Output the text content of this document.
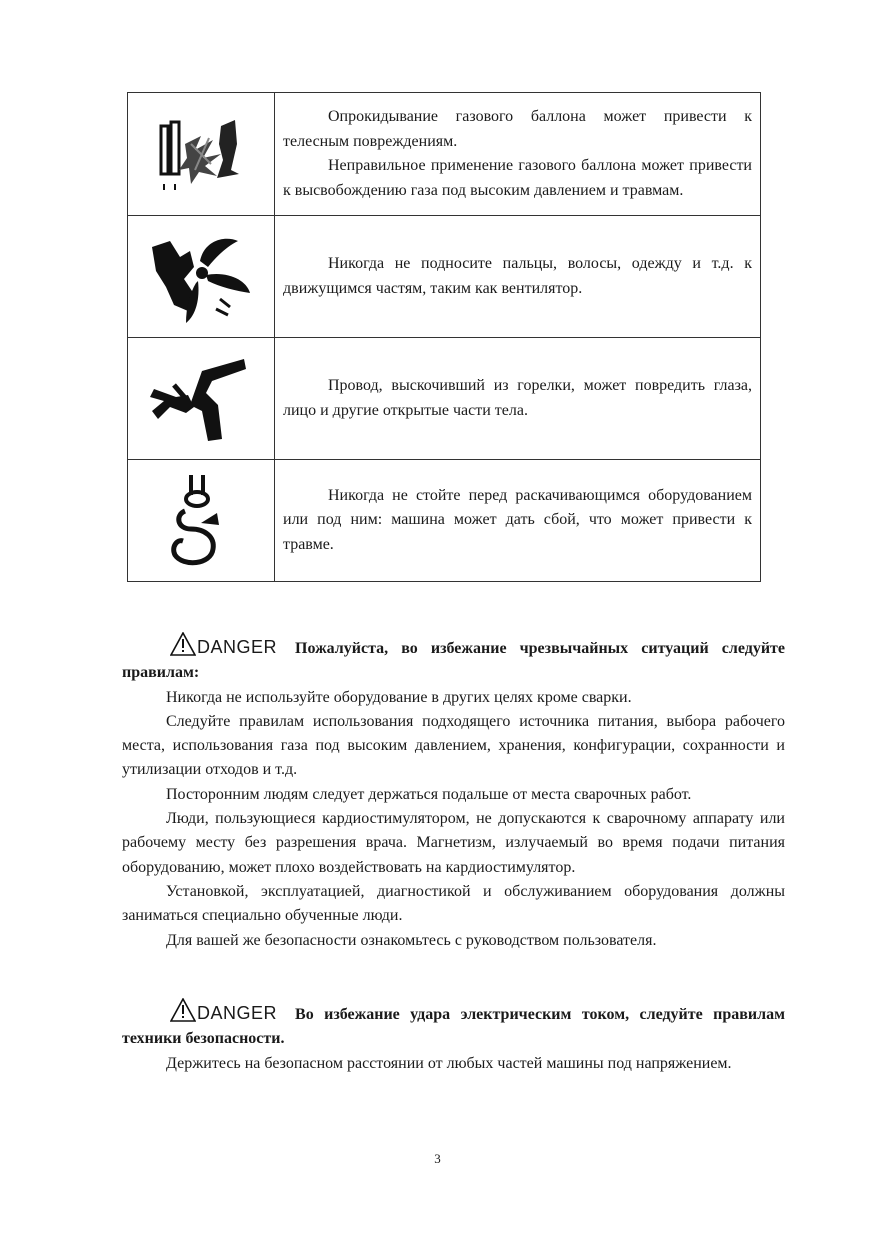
Опрокидывание газового баллона может привести к телесным повреждениям.

Неправильное применение газового баллона может привести к высвобождению газа под высоким давлением и травмам.

Никогда не подносите пальцы, волосы, одежду и т.д. к движущимся частям, таким как вентилятор.

Провод, выскочивший из горелки, может повредить глаза, лицо и другие открытые части тела.

Никогда не стойте перед раскачивающимся оборудованием или под ним: машина может дать сбой, что может привести к травме.

DANGER Пожалуйста, во избежание чрезвычайных ситуаций следуйте правилам:

Никогда не используйте оборудование в других целях кроме сварки.

Следуйте правилам использования подходящего источника питания, выбора рабочего места, использования газа под высоким давлением, хранения, конфигурации, сохранности и утилизации отходов и т.д.

Посторонним людям следует держаться подальше от места сварочных работ.

Люди, пользующиеся кардиостимулятором, не допускаются к сварочному аппарату или рабочему месту без разрешения врача. Магнетизм, излучаемый во время подачи питания оборудованию, может плохо воздействовать на кардиостимулятор.

Установкой, эксплуатацией, диагностикой и обслуживанием оборудования должны заниматься специально обученные люди.

Для вашей же безопасности ознакомьтесь с руководством пользователя.

DANGER Во избежание удара электрическим током, следуйте правилам техники безопасности.

Держитесь на безопасном расстоянии от любых частей машины под напряжением.

3
